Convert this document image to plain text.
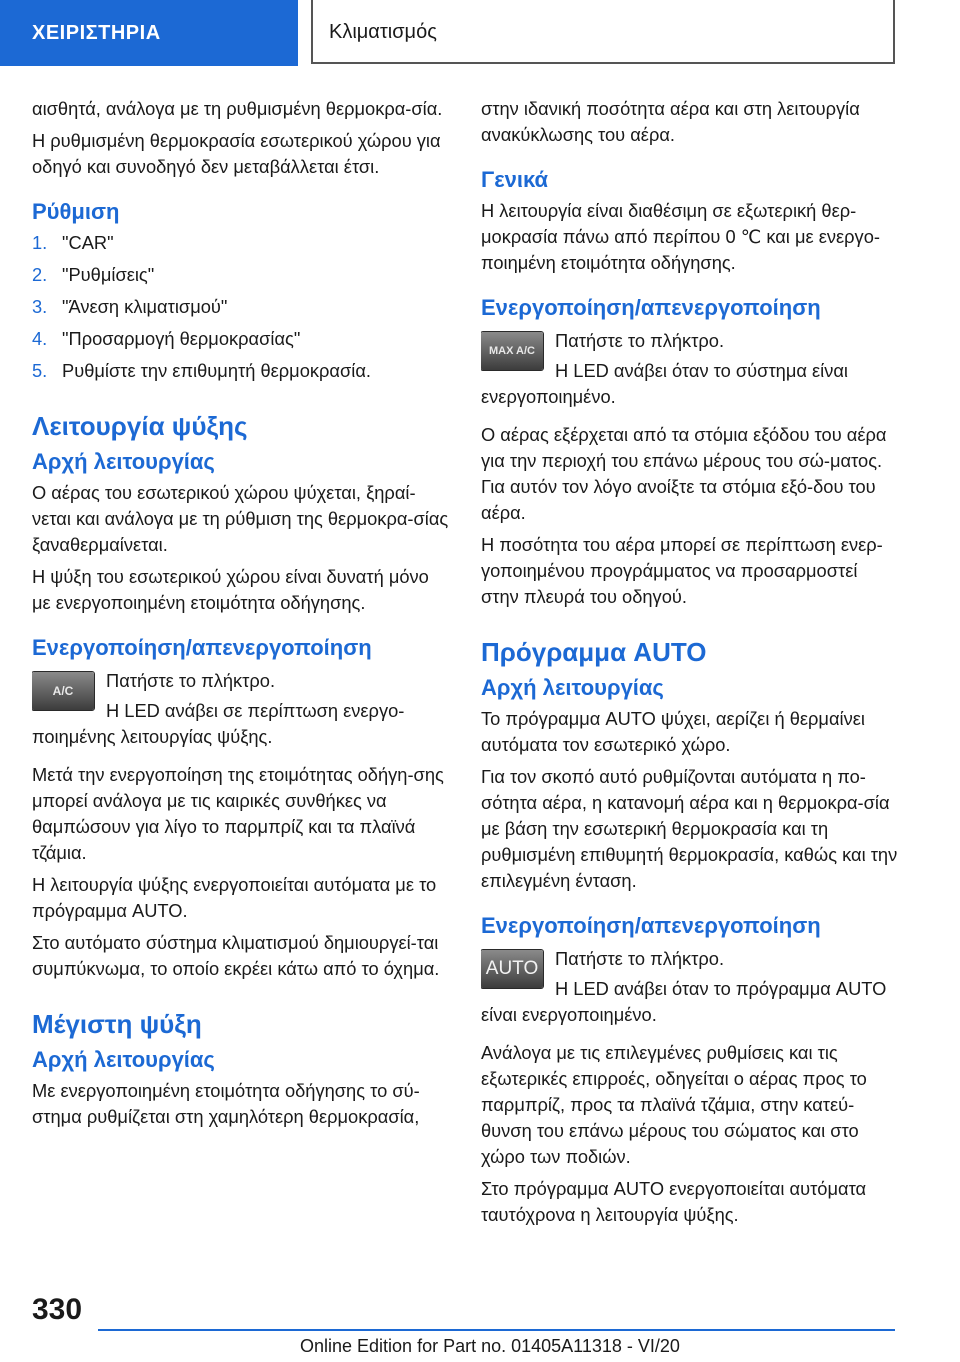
ΧΕΙΡΙΣΤΗΡΙΑ	Κλιματισμός

αισθητά, ανάλογα με τη ρυθμισμένη θερμοκρα-σία.

Η ρυθμισμένη θερμοκρασία εσωτερικού χώρου για οδηγό και συνοδηγό δεν μεταβάλλεται έτσι.

Ρύθμιση
1. "CAR"
2. "Ρυθμίσεις"
3. "Άνεση κλιματισμού"
4. "Προσαρμογή θερμοκρασίας"
5. Ρυθμίστε την επιθυμητή θερμοκρασία.
Λειτουργία ψύξης
Αρχή λειτουργίας

Ο αέρας του εσωτερικού χώρου ψύχεται, ξηραί-νεται και ανάλογα με τη ρύθμιση της θερμοκρα-σίας ξαναθερμαίνεται.

Η ψύξη του εσωτερικού χώρου είναι δυνατή μόνο με ενεργοποιημένη ετοιμότητα οδήγησης.

Ενεργοποίηση/απενεργοποίηση
A/C	Πατήστε το πλήκτρο.

Η LED ανάβει σε περίπτωση ενεργο-ποιημένης λειτουργίας ψύξης.

Μετά την ενεργοποίηση της ετοιμότητας οδήγη-σης μπορεί ανάλογα με τις καιρικές συνθήκες να θαμπώσουν για λίγο το παρμπρίζ και τα πλαϊνά τζάμια.

Η λειτουργία ψύξης ενεργοποιείται αυτόματα με το πρόγραμμα AUTO.

Στο αυτόματο σύστημα κλιματισμού δημιουργεί-ται συμπύκνωμα, το οποίο εκρέει κάτω από το όχημα.

Μέγιστη ψύξη
Αρχή λειτουργίας

Με ενεργοποιημένη ετοιμότητα οδήγησης το σύ-στημα ρυθμίζεται στη χαμηλότερη θερμοκρασία,

στην ιδανική ποσότητα αέρα και στη λειτουργία ανακύκλωσης του αέρα.

Γενικά

Η λειτουργία είναι διαθέσιμη σε εξωτερική θερ-μοκρασία πάνω από περίπου 0 ℃ και με ενεργο-ποιημένη ετοιμότητα οδήγησης.

Ενεργοποίηση/απενεργοποίηση
MAX A/C	Πατήστε το πλήκτρο.

Η LED ανάβει όταν το σύστημα είναι ενεργοποιημένο.

Ο αέρας εξέρχεται από τα στόμια εξόδου του αέρα για την περιοχή του επάνω μέρους του σώ-ματος. Για αυτόν τον λόγο ανοίξτε τα στόμια εξό-δου του αέρα.

Η ποσότητα του αέρα μπορεί σε περίπτωση ενερ-γοποιημένου προγράμματος να προσαρμοστεί στην πλευρά του οδηγού.

Πρόγραμμα AUTO
Αρχή λειτουργίας

Το πρόγραμμα AUTO ψύχει, αερίζει ή θερμαίνει αυτόματα τον εσωτερικό χώρο.

Για τον σκοπό αυτό ρυθμίζονται αυτόματα η πο-σότητα αέρα, η κατανομή αέρα και η θερμοκρα-σία με βάση την εσωτερική θερμοκρασία και τη ρυθμισμένη επιθυμητή θερμοκρασία, καθώς και την επιλεγμένη ένταση.

Ενεργοποίηση/απενεργοποίηση
AUTO Πατήστε το πλήκτρο.

Η LED ανάβει όταν το πρόγραμμα AUTO είναι ενεργοποιημένο.

Ανάλογα με τις επιλεγμένες ρυθμίσεις και τις εξωτερικές επιρροές, οδηγείται ο αέρας προς το παρμπρίζ, προς τα πλαϊνά τζάμια, στην κατεύ-θυνση του επάνω μέρους του σώματος και στο χώρο των ποδιών.

Στο πρόγραμμα AUTO ενεργοποιείται αυτόματα ταυτόχρονα η λειτουργία ψύξης.

330
Online Edition for Part no. 01405A11318 - VI/20
